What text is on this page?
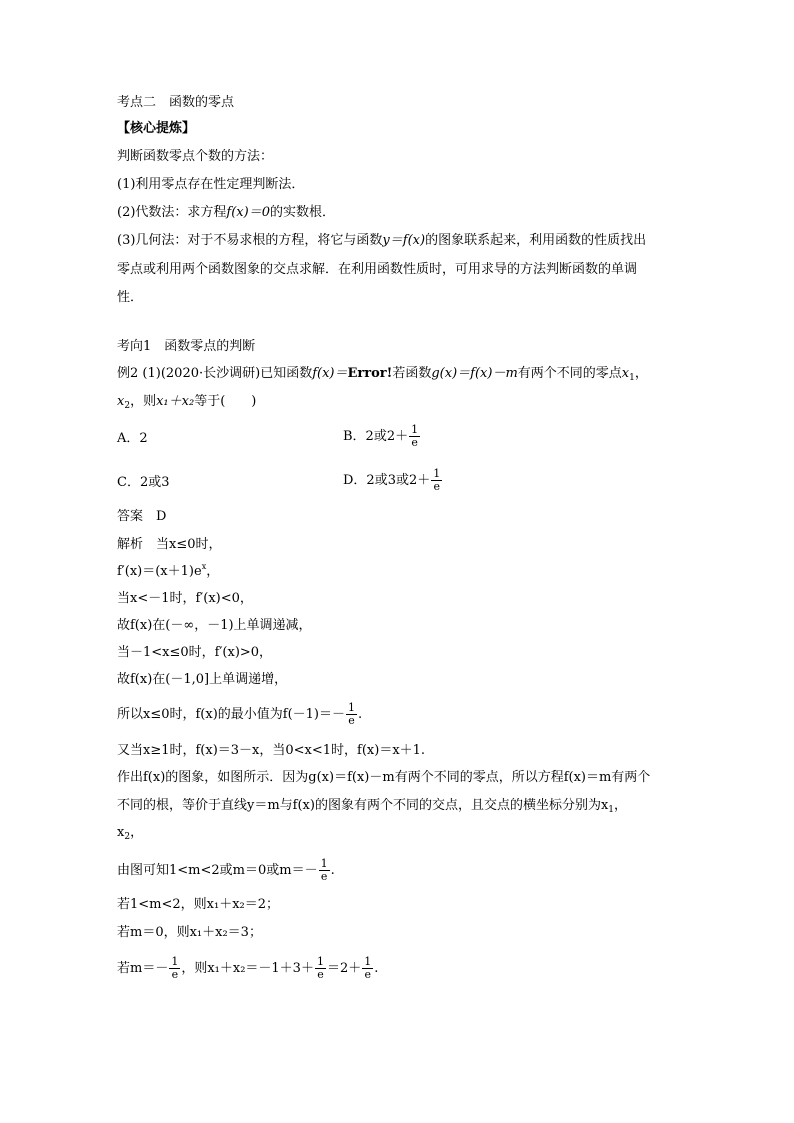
考点二　函数的零点
【核心提炼】
判断函数零点个数的方法：
(1)利用零点存在性定理判断法．
(2)代数法：求方程f(x)＝0的实数根．
(3)几何法：对于不易求根的方程，将它与函数y＝f(x)的图象联系起来，利用函数的性质找出
零点或利用两个函数图象的交点求解．在利用函数性质时，可用求导的方法判断函数的单调
性．
考向1　函数零点的判断
例2 (1)(2020·长沙调研)已知函数f(x)＝Error!若函数g(x)＝f(x)－m有两个不同的零点$x_1$，
$x_2$，则x₁＋x₂等于(　　)
A．2	B．2或$2+ \frac{1}{e}$
C．2或3	D．2或3或$2+ \frac{1}{e}$
答案　D
解析　当x≤0时，
$f'(x)=(x+1)e^x$，
当x<－1时，f′(x)<0，
故f(x)在(－∞，－1)上单调递减，
当－1<x≤0时，f′(x)>0，
故f(x)在(－1,0]上单调递增，
所以x≤0时，f(x)的最小值为$f(-1)=- \frac{1}{e}$ .
又当x≥1时，f(x)＝3－x，当0<x<1时，f(x)＝x＋1.
作出f(x)的图象，如图所示．因为g(x)＝f(x)－m有两个不同的零点，所以方程f(x)＝m有两个
不同的根，等价于直线y＝m与f(x)的图象有两个不同的交点，且交点的横坐标分别为$x_1$，
$x_2$，
由图可知1<m<2或m＝0或$m=- \frac{1}{e}$ .
若1<m<2，则x₁＋x₂＝2；
若m＝0，则x₁＋x₂＝3；
若$m=- \frac{1}{e}$ ，则$x_1+x_2=-1+3+ \frac{1}{e} =2+ \frac{1}{e}$ .
